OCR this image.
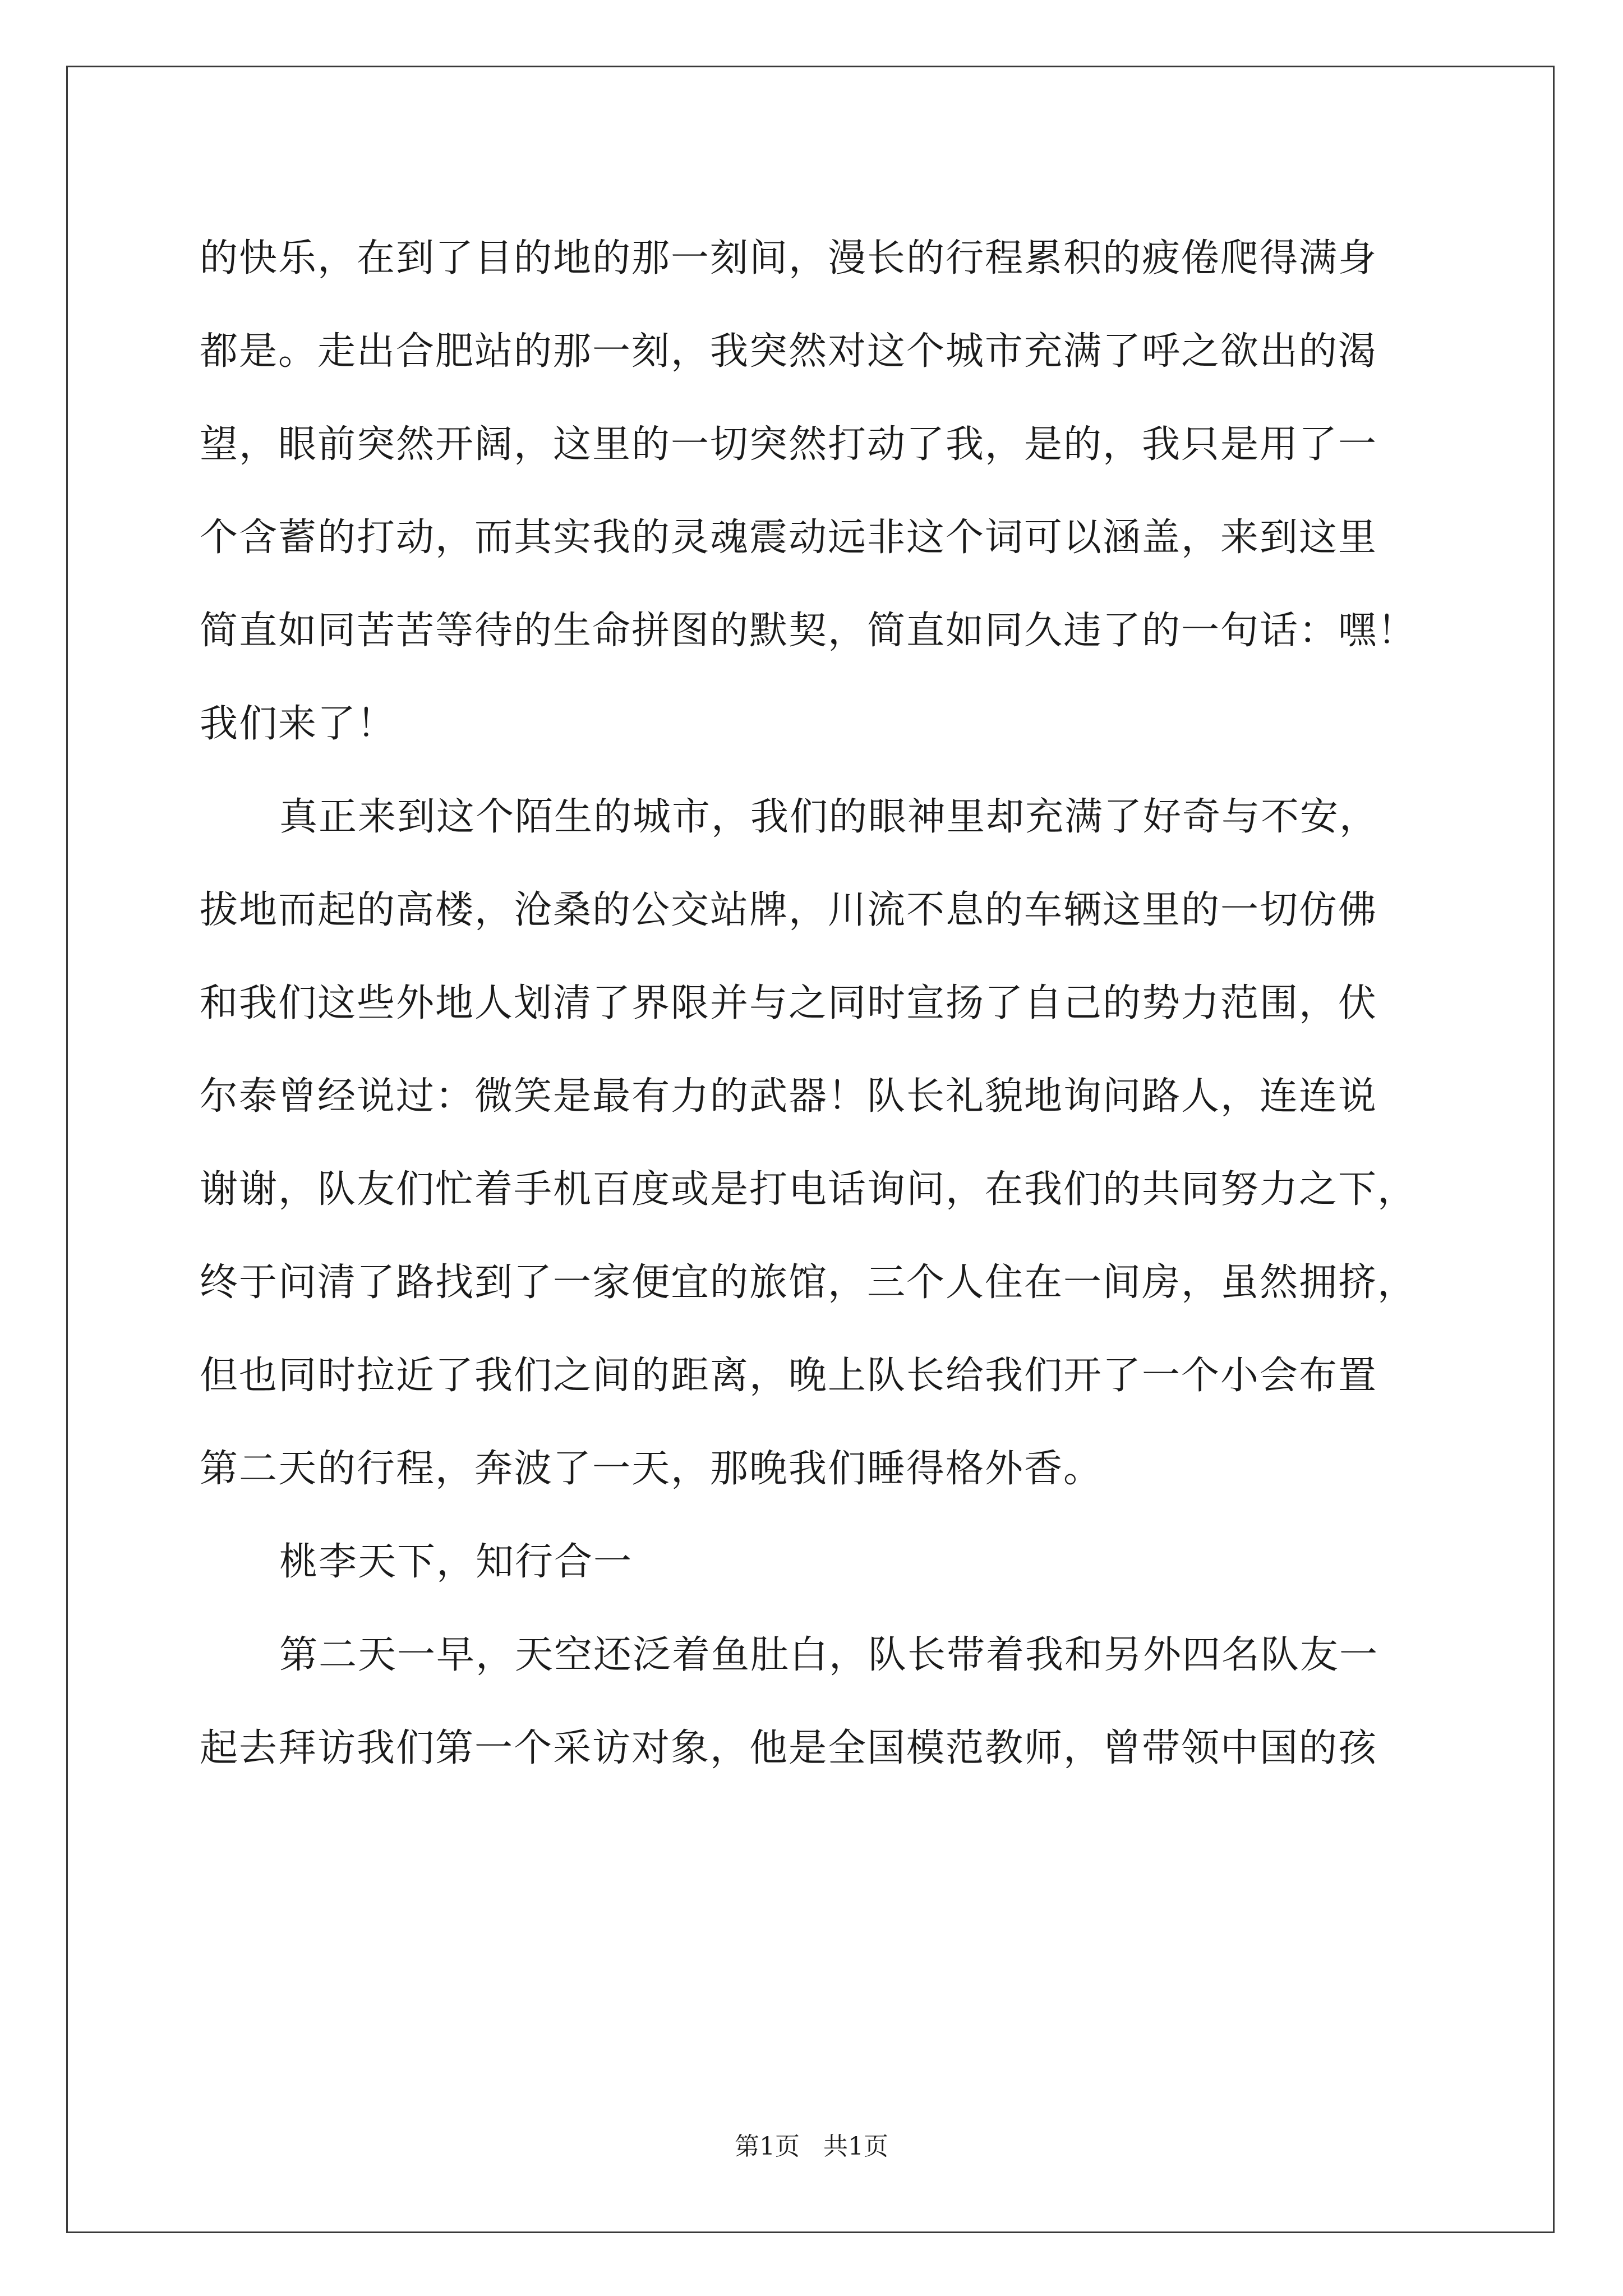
的快乐，在到了目的地的那一刻间，漫长的行程累积的疲倦爬得满身
都是。走出合肥站的那一刻，我突然对这个城市充满了呼之欲出的渴
望，眼前突然开阔，这里的一切突然打动了我，是的，我只是用了一
个含蓄的打动，而其实我的灵魂震动远非这个词可以涵盖，来到这里
简直如同苦苦等待的生命拼图的默契，简直如同久违了的一句话：嘿！
我们来了！
真正来到这个陌生的城市，我们的眼神里却充满了好奇与不安，
拔地而起的高楼，沧桑的公交站牌，川流不息的车辆这里的一切仿佛
和我们这些外地人划清了界限并与之同时宣扬了自己的势力范围，伏
尔泰曾经说过：微笑是最有力的武器！队长礼貌地询问路人，连连说
谢谢，队友们忙着手机百度或是打电话询问，在我们的共同努力之下，
终于问清了路找到了一家便宜的旅馆，三个人住在一间房，虽然拥挤，
但也同时拉近了我们之间的距离，晚上队长给我们开了一个小会布置
第二天的行程，奔波了一天，那晚我们睡得格外香。
桃李天下，知行合一
第二天一早，天空还泛着鱼肚白，队长带着我和另外四名队友一
起去拜访我们第一个采访对象，他是全国模范教师，曾带领中国的孩
第1页   共1页
